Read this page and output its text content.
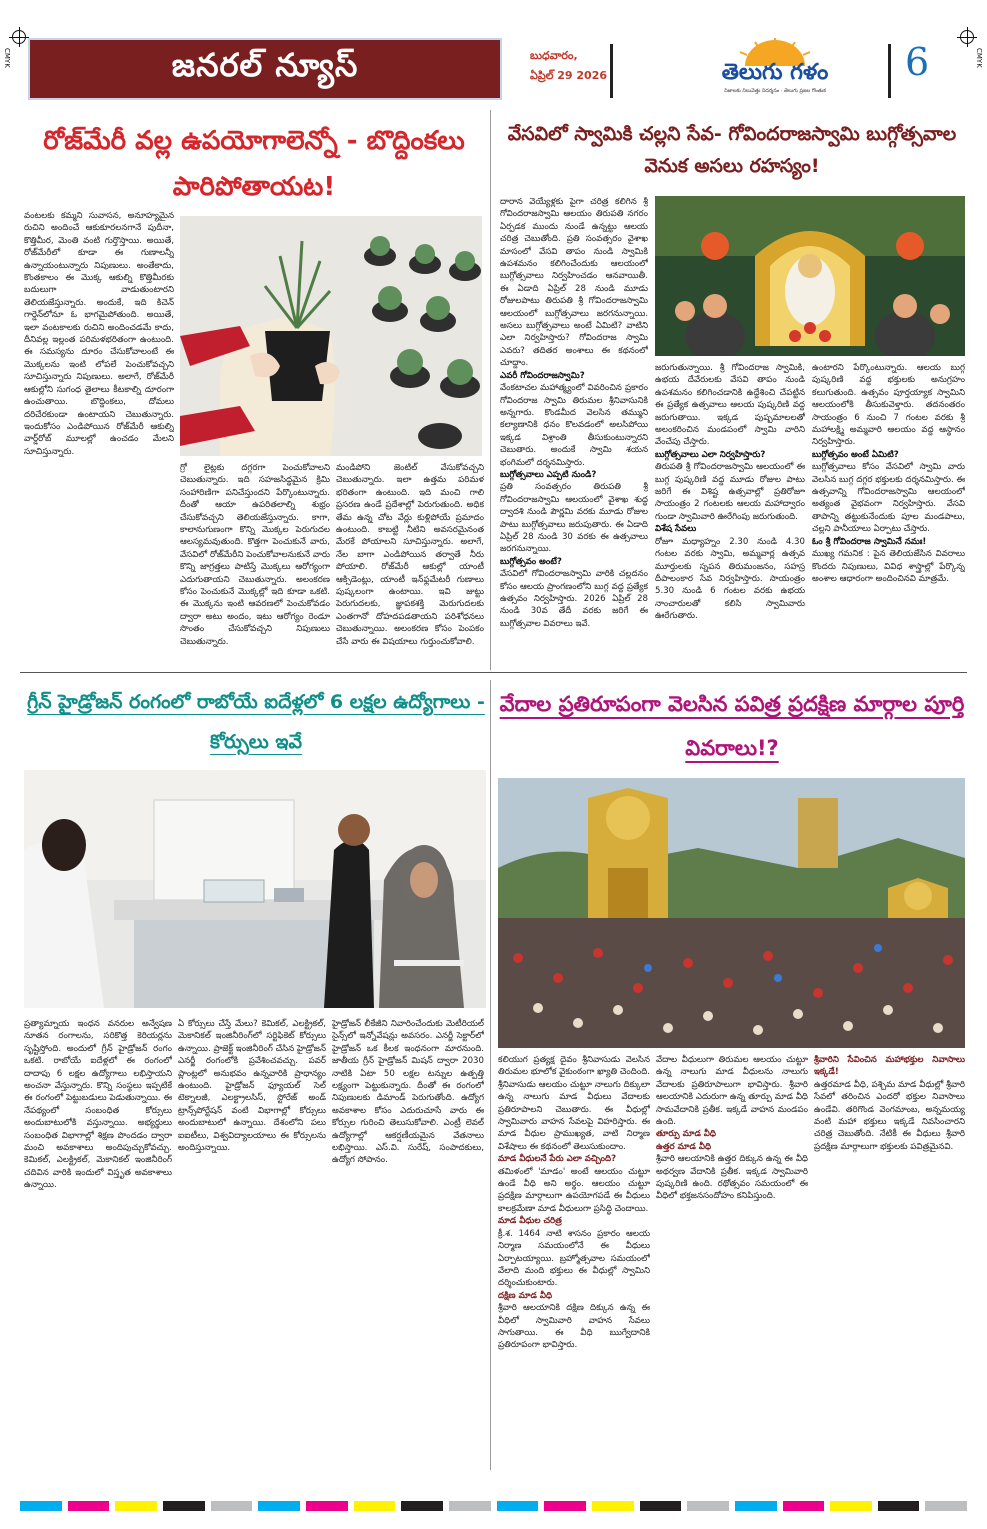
CMYK	CMYK
జనరల్ న్యూస్	బుధవారం,
ఏప్రిల్ 29 2026	తెలుగు గళం
నిజాలకు నిలువెత్తు నిదర్శనం · తెలుగు ప్రజల గొంతుక
6
రోజ్‌మేరీ వల్ల ఉపయోగాలెన్నో - బొద్దింకలు పారిపోతాయట!
వంటలకు కమ్మని సువాసన, అనూహ్యమైన రుచిని అందించే ఆకుకూరలనగానే పుదీనా, కొత్తిమీర, మెంతి వంటి గుర్తొస్తాయి. అయితే, రోజ్‌మేరీలో కూడా ఈ గుణాలన్నీ ఉన్నాయంటున్నారు నిపుణులు. అంతేకాదు, కొంతకాలం ఈ మొక్క ఆకుల్ని కొత్తిమీరకు బదులుగా వాడుతుంటారని తెలియజేస్తున్నారు. అందుకే, ఇది కిచెన్ గార్డెన్‌లోనూ ఓ భాగమైపోతుంది. అయితే, ఇలా వంటకాలకు రుచిని అందించడమే కాదు, దీనివల్ల ఇల్లంత పరిమళభరితంగా ఉంటుంది. ఈ సమస్యను దూరం చేసుకోవాలంటే ఈ మొక్కలను ఇంటి లోపలే పెంచుకోవచ్చని సూచిస్తున్నారు నిపుణులు. అలాగే, రోజ్‌మేరీ ఆకుల్లోని సుగంధ తైలాలు కీటకాల్ని దూరంగా ఉంచుతాయి. బొద్దింకలు, దోమలు దరిచేరకుండా ఉంటాయని చెబుతున్నారు. ఇందుకోసం ఎండిపోయిన రోజ్‌మేరీ ఆకుల్ని వార్డ్‌రోబ్ మూలల్లో ఉంచడం మేలని సూచిస్తున్నారు.
గ్రో లైట్లకు దగ్గరగా పెంచుకోవాలని చెబుతున్నారు. ఇది సహజసిద్ధమైన క్రిమి సంహారిణిగా పనిచేస్తుందని పేర్కొంటున్నారు. దీంతో ఆయా ఉపరితలాల్ని శుభ్రం చేసుకోవచ్చని తెలియజేస్తున్నారు. కాగా, కాలానుగుణంగా కొన్ని మొక్కల పెరుగుదల ఆలస్యమవుతుంది. కొత్తగా పెంచుకునే వారు, వేసవిలో రోజ్‌మేరీని పెంచుకోవాలనుకునే వారు కొన్ని జాగ్రత్తలు పాటిస్తే మొక్కలు ఆరోగ్యంగా ఎదుగుతాయని చెబుతున్నారు. అలంకరణ కోసం పెంచుకునే మొక్కల్లో ఇది కూడా ఒకటి. ఈ మొక్కను ఇంటి ఆవరణలో పెంచుకోవడం ద్వారా అటు అందం, ఇటు ఆరోగ్యం రెండూ సొంతం చేసుకోవచ్చని నిపుణులు చెబుతున్నారు.
మండిపోని జెంటిల్ వేసుకోవచ్చని చెబుతున్నారు. ఇలా ఉత్తమ పరిమళ భరితంగా ఉంటుంది. ఇది మంచి గాలి ప్రసరణ ఉండే ప్రదేశాల్లో పెరుగుతుంది. అధిక తేమ ఉన్న చోట వేర్లు కుళ్లిపోయే ప్రమాదం ఉంటుంది. కాబట్టి నీటిని అవసరమైనంత మేరకే పోయాలని సూచిస్తున్నారు. అలాగే, నేల బాగా ఎండిపోయిన తర్వాతే నీరు పోయాలి. రోజ్‌మేరీ ఆకుల్లో యాంటీ ఆక్సిడెంట్లు, యాంటీ ఇన్‌ఫ్లమేటరీ గుణాలు పుష్కలంగా ఉంటాయి. ఇవి జుట్టు పెరుగుదలకు, జ్ఞాపకశక్తి మెరుగుదలకు ఎంతగానో దోహదపడతాయని పరిశోధనలు చెబుతున్నాయి. అలంకరణ కోసం పెంపకం చేసే వారు ఈ విషయాలు గుర్తుంచుకోవాలి.
వేసవిలో స్వామికి చల్లని సేవ- గోవిందరాజస్వామి బుగ్గోత్సవాల వెనుక అసలు రహస్యం!
దారాన వెయ్యేళ్లకు పైగా చరిత్ర కలిగిన శ్రీ గోవిందరాజస్వామి ఆలయం తిరుపతి నగరం ఏర్పడక ముందు నుండే ఉన్నట్టు ఆలయ చరిత్ర చెబుతోంది. ప్రతి సంవత్సరం వైశాఖ మాసంలో వేసవి తాపం నుండి స్వామికి ఉపశమనం కలిగించేందుకు ఆలయంలో బుగ్గోత్సవాలు నిర్వహించడం ఆనవాయితీ. ఈ ఏడాది ఏప్రిల్ 28 నుండి మూడు రోజులపాటు తిరుపతి శ్రీ గోవిందరాజస్వామి ఆలయంలో బుగ్గోత్సవాలు జరగనున్నాయి. అసలు బుగ్గోత్సవాలు అంటే ఏమిటి? వాటిని ఎలా నిర్వహిస్తారు? గోవిందరాజ స్వామి ఎవరు? తదితర అంశాలు ఈ కథనంలో చూద్దాం.
ఎవరీ గోవిందరాజస్వామి?
వేంకటాచల మహాత్మ్యంలో వివరించిన ప్రకారం గోవిందరాజ స్వామి తిరుమల శ్రీనివాసునికి అన్నగారు. కొండమీద వెలసిన తమ్ముని కల్యాణానికి ధనం కొలవడంలో అలసిపోయి ఇక్కడ విశ్రాంతి తీసుకుంటున్నారని చెబుతారు. అందుకే స్వామి శయన భంగిమలో దర్శనమిస్తారు.
బుగ్గోత్సవాలు ఎప్పటి నుండి?
ప్రతి సంవత్సరం తిరుపతి శ్రీ గోవిందరాజస్వామి ఆలయంలో వైశాఖ శుద్ధ ద్వాదశి నుండి పౌర్ణమి వరకు మూడు రోజుల పాటు బుగ్గోత్సవాలు జరుపుతారు. ఈ ఏడాది ఏప్రిల్ 28 నుండి 30 వరకు ఈ ఉత్సవాలు జరగనున్నాయి.
బుగ్గోత్సవం అంటే?
వేసవిలో గోవిందరాజస్వామి వారికి చల్లదనం కోసం ఆలయ ప్రాంగణంలోని బుగ్గ వద్ద ప్రత్యేక ఉత్సవం నిర్వహిస్తారు. 2026 ఏప్రిల్ 28 నుండి 30వ తేదీ వరకు జరిగే ఈ బుగ్గోత్సవాల వివరాలు ఇవే.
జరుగుతున్నాయి. శ్రీ గోవిందరాజ స్వామికి, ఉభయ దేవేరులకు వేసవి తాపం నుండి ఉపశమనం కలిగించడానికి ఉద్దేశించి చేపట్టిన ఈ ప్రత్యేక ఉత్సవాలు ఆలయ పుష్కరిణి వద్ద జరుగుతాయి. ఇక్కడ పుష్పమాలలతో అలంకరించిన మండపంలో స్వామి వారిని వేంచేపు చేస్తారు.
బుగ్గోత్సవాలు ఎలా నిర్వహిస్తారు?
తిరుపతి శ్రీ గోవిందరాజస్వామి ఆలయంలో ఈ బుగ్గ పుష్కరిణి వద్ద మూడు రోజుల పాటు జరిగే ఈ విశిష్ట ఉత్సవాల్లో ప్రతిరోజూ సాయంత్రం 2 గంటలకు ఆలయ మహాద్వారం గుండా స్వామివారి ఊరేగింపు జరుగుతుంది.
విశేష సేవలు
రోజూ మధ్యాహ్నం 2.30 నుండి 4.30 గంటల వరకు స్వామి, అమ్మవార్ల ఉత్సవ మూర్తులకు స్నపన తిరుమంజనం, సహస్ర దీపాలంకార సేవ నిర్వహిస్తారు. సాయంత్రం 5.30 నుండి 6 గంటల వరకు ఉభయ నాంచారులతో కలిసి స్వామివారు ఊరేగుతారు.
ఉంటారని పేర్కొంటున్నారు. ఆలయ బుగ్గ పుష్కరిణి వద్ద భక్తులకు అనుగ్రహం కలుగుతుంది. ఉత్సవం పూర్తయ్యాక స్వామిని ఆలయంలోకి తీసుకువెళ్తారు. తదనంతరం సాయంత్రం 6 నుంచి 7 గంటల వరకు శ్రీ మహాలక్ష్మి అమ్మవారి ఆలయం వద్ద ఆస్థానం నిర్వహిస్తారు.
బుగ్గోత్సవం అంటే ఏమిటి?
బుగ్గోత్సవాలు కోసం వేసవిలో స్వామి వారు వెలసిన బుగ్గ దగ్గర భక్తులకు దర్శనమిస్తారు. ఈ ఉత్సవాన్ని గోవిందరాజస్వామి ఆలయంలో అత్యంత వైభవంగా నిర్వహిస్తారు. వేసవి తాపాన్ని తట్టుకునేందుకు పూల మండపాలు, చల్లని పానీయాలు ఏర్పాటు చేస్తారు.
ఓం శ్రీ గోవిందరాజ స్వామినే నమః!
ముఖ్య గమనిక : పైన తెలియజేసిన వివరాలు కొందరు నిపుణులు, వివిధ శాస్త్రాల్లో పేర్కొన్న అంశాల ఆధారంగా అందించినవి మాత్రమే.
గ్రీన్ హైడ్రోజన్ రంగంలో రాబోయే ఐదేళ్లలో 6 లక్షల ఉద్యోగాలు - కోర్సులు ఇవే
ప్రత్యామ్నాయ ఇంధన వనరుల అన్వేషణ నూతన రంగాలను, సరికొత్త కెరియర్లను సృష్టిస్తోంది. అందులో గ్రీన్ హైడ్రోజన్ రంగం ఒకటి. రాబోయే ఐదేళ్లలో ఈ రంగంలో దాదాపు 6 లక్షల ఉద్యోగాలు లభిస్తాయని అంచనా వేస్తున్నారు. కొన్ని సంస్థలు ఇప్పటికే ఈ రంగంలో పెట్టుబడులు పెడుతున్నాయి. ఈ నేపథ్యంలో సంబంధిత కోర్సులు అందుబాటులోకి వస్తున్నాయి. అభ్యర్థులు సంబంధిత విభాగాల్లో శిక్షణ పొందడం ద్వారా మంచి అవకాశాలు అందిపుచ్చుకోవచ్చు. కెమికల్, ఎలక్ట్రికల్, మెకానికల్ ఇంజినీరింగ్ చదివిన వారికి ఇందులో విస్తృత అవకాశాలు ఉన్నాయి.
ఏ కోర్సులు చేస్తే మేలు? కెమికల్, ఎలక్ట్రికల్, మెకానికల్ ఇంజినీరింగ్‌లో సర్టిఫికెట్ కోర్సులు ఉన్నాయి. ప్రాజెక్ట్ ఇంజినీరింగ్ చేసిన హైడ్రోజన్ ఎనర్జీ రంగంలోకి ప్రవేశించవచ్చు. పవర్ ప్లాంట్లలో అనుభవం ఉన్నవారికి ప్రాధాన్యం ఉంటుంది. హైడ్రోజన్ ఫ్యూయల్ సెల్ టెక్నాలజీ, ఎలక్ట్రాలసిస్, స్టోరేజ్ అండ్ ట్రాన్స్‌పోర్టేషన్ వంటి విభాగాల్లో కోర్సులు అందుబాటులో ఉన్నాయి. దేశంలోని పలు ఐఐటీలు, విశ్వవిద్యాలయాలు ఈ కోర్సులను అందిస్తున్నాయి.
హైడ్రోజన్ లీకేజీని నివారించేందుకు మెటీరియల్ సైన్స్‌లో ఇన్నోవేషన్లు అవసరం. ఎనర్జీ సెక్టార్‌లో హైడ్రోజన్ ఒక కీలక ఇంధనంగా మారనుంది. జాతీయ గ్రీన్ హైడ్రోజన్ మిషన్ ద్వారా 2030 నాటికి ఏటా 50 లక్షల టన్నుల ఉత్పత్తి లక్ష్యంగా పెట్టుకున్నారు. దీంతో ఈ రంగంలో నిపుణులకు డిమాండ్ పెరుగుతోంది. ఉద్యోగ అవకాశాల కోసం ఎదురుచూసే వారు ఈ కోర్సుల గురించి తెలుసుకోవాలి. ఎంట్రీ లెవల్ ఉద్యోగాల్లో ఆకర్షణీయమైన వేతనాలు లభిస్తాయి. ఎస్.వి. సురేష్, సంపాదకులు, ఉద్యోగ సోపానం.
వేదాల ప్రతిరూపంగా వెలసిన పవిత్ర ప్రదక్షిణ మార్గాల పూర్తి వివరాలు!?
కలియుగ ప్రత్యక్ష దైవం శ్రీనివాసుడు వెలసిన తిరుమల భూలోక వైకుంఠంగా ఖ్యాతి చెందింది. శ్రీనివాసుడు ఆలయం చుట్టూ నాలుగు దిక్కులా ఉన్న నాలుగు మాడ వీధులు వేదాలకు ప్రతిరూపాలని చెబుతారు. ఈ వీధుల్లో స్వామివారు వాహన సేవలపై విహరిస్తారు. ఈ మాడ వీధుల ప్రాముఖ్యత, వాటి నిర్మాణ విశేషాలు ఈ కథనంలో తెలుసుకుందాం.
మాడ వీధులనే పేరు ఎలా వచ్చింది?
తమిళంలో 'మాడం' అంటే ఆలయం చుట్టూ ఉండే వీధి అని అర్థం. ఆలయం చుట్టూ ప్రదక్షిణ మార్గాలుగా ఉపయోగపడే ఈ వీధులు కాలక్రమేణా మాడ వీధులుగా ప్రసిద్ధి చెందాయి.
మాడ వీధుల చరిత్ర
క్రీ.శ. 1464 నాటి శాసనం ప్రకారం ఆలయ నిర్మాణ సమయంలోనే ఈ వీధులు ఏర్పాటయ్యాయి. బ్రహ్మోత్సవాల సమయంలో వేలాది మంది భక్తులు ఈ వీధుల్లో స్వామిని దర్శించుకుంటారు.
దక్షిణ మాడ వీధి
శ్రీవారి ఆలయానికి దక్షిణ దిక్కున ఉన్న ఈ వీధిలో స్వామివారి వాహన సేవలు సాగుతాయి. ఈ వీధి ఋగ్వేదానికి ప్రతిరూపంగా భావిస్తారు.
వేదాల వీధులుగా తిరుమల ఆలయం చుట్టూ ఉన్న నాలుగు మాడ వీధులను నాలుగు వేదాలకు ప్రతిరూపాలుగా భావిస్తారు. శ్రీవారి ఆలయానికి ఎదురుగా ఉన్న తూర్పు మాడ వీధి సామవేదానికి ప్రతీక. ఇక్కడే వాహన మండపం ఉంది.
తూర్పు మాడ వీధి
ఉత్తర మాడ వీధి
శ్రీవారి ఆలయానికి ఉత్తర దిక్కున ఉన్న ఈ వీధి అథర్వణ వేదానికి ప్రతీక. ఇక్కడ స్వామివారి పుష్కరిణి ఉంది. రథోత్సవం సమయంలో ఈ వీధిలో భక్తజనసందోహం కనిపిస్తుంది.
శ్రీవారిని సేవించిన మహాభక్తుల నివాసాలు ఇక్కడే!
ఉత్తరమాడ వీధి, పశ్చిమ మాడ వీధుల్లో శ్రీవారి సేవలో తరించిన ఎందరో భక్తుల నివాసాలు ఉండేవి. తరిగొండ వెంగమాంబ, అన్నమయ్య వంటి మహా భక్తులు ఇక్కడే నివసించారని చరిత్ర చెబుతోంది. నేటికీ ఈ వీధులు శ్రీవారి ప్రదక్షిణ మార్గాలుగా భక్తులకు పవిత్రమైనవి.
